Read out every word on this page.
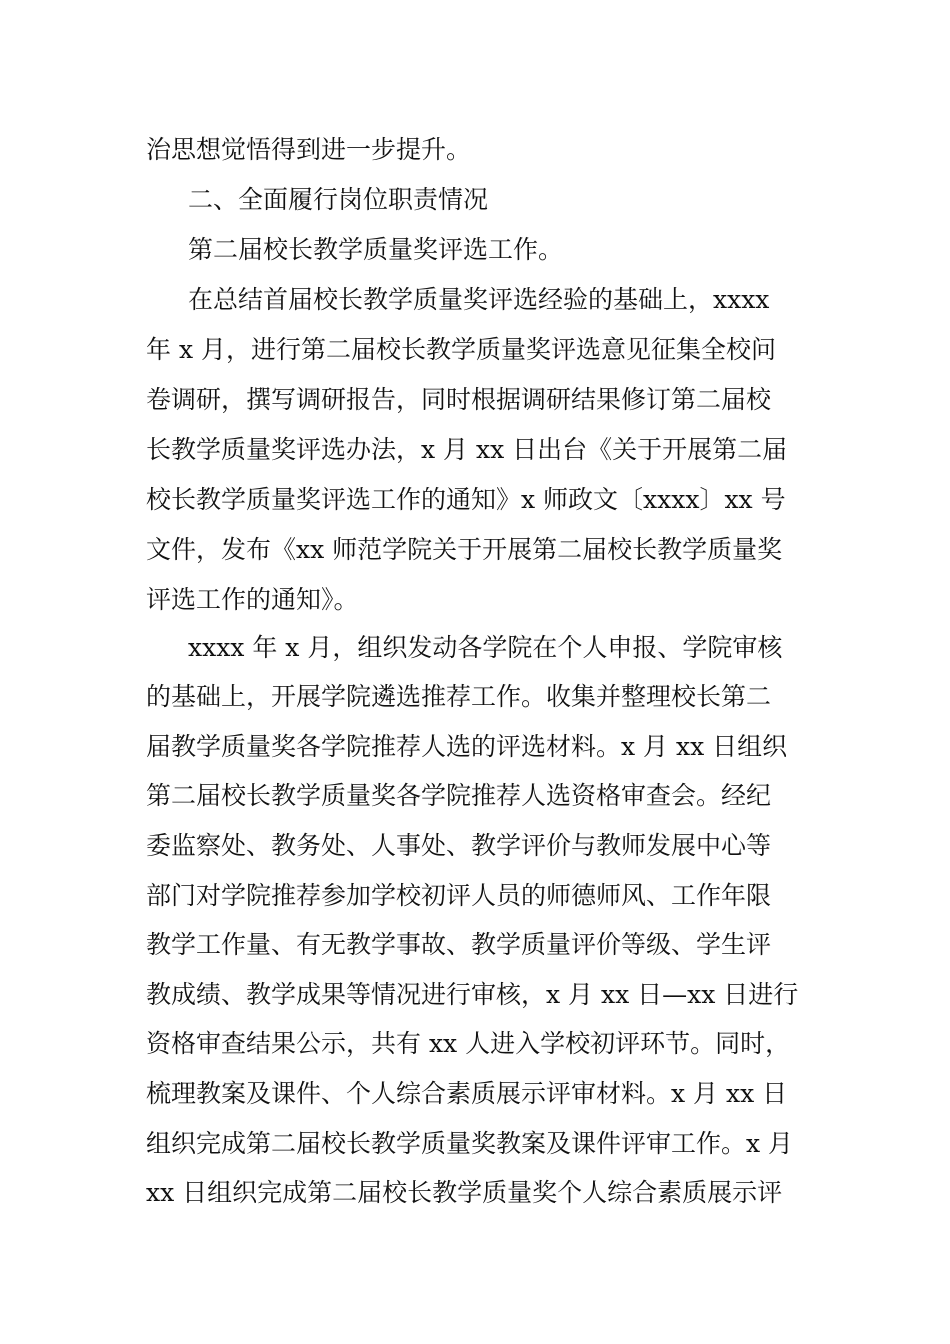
治思想觉悟得到进一步提升。
二、全面履行岗位职责情况
第二届校长教学质量奖评选工作。
在总结首届校长教学质量奖评选经验的基础上，xxxx
年 x 月，进行第二届校长教学质量奖评选意见征集全校问
卷调研，撰写调研报告，同时根据调研结果修订第二届校
长教学质量奖评选办法，x 月 xx 日出台《关于开展第二届
校长教学质量奖评选工作的通知》x 师政文〔xxxx〕xx 号
文件，发布《xx 师范学院关于开展第二届校长教学质量奖
评选工作的通知》。
xxxx 年 x 月，组织发动各学院在个人申报、学院审核
的基础上，开展学院遴选推荐工作。收集并整理校长第二
届教学质量奖各学院推荐人选的评选材料。x 月 xx 日组织
第二届校长教学质量奖各学院推荐人选资格审查会。经纪
委监察处、教务处、人事处、教学评价与教师发展中心等
部门对学院推荐参加学校初评人员的师德师风、工作年限
教学工作量、有无教学事故、教学质量评价等级、学生评
教成绩、教学成果等情况进行审核，x 月 xx 日—xx 日进行
资格审查结果公示，共有 xx 人进入学校初评环节。同时，
梳理教案及课件、个人综合素质展示评审材料。x 月 xx 日
组织完成第二届校长教学质量奖教案及课件评审工作。x 月
xx 日组织完成第二届校长教学质量奖个人综合素质展示评
